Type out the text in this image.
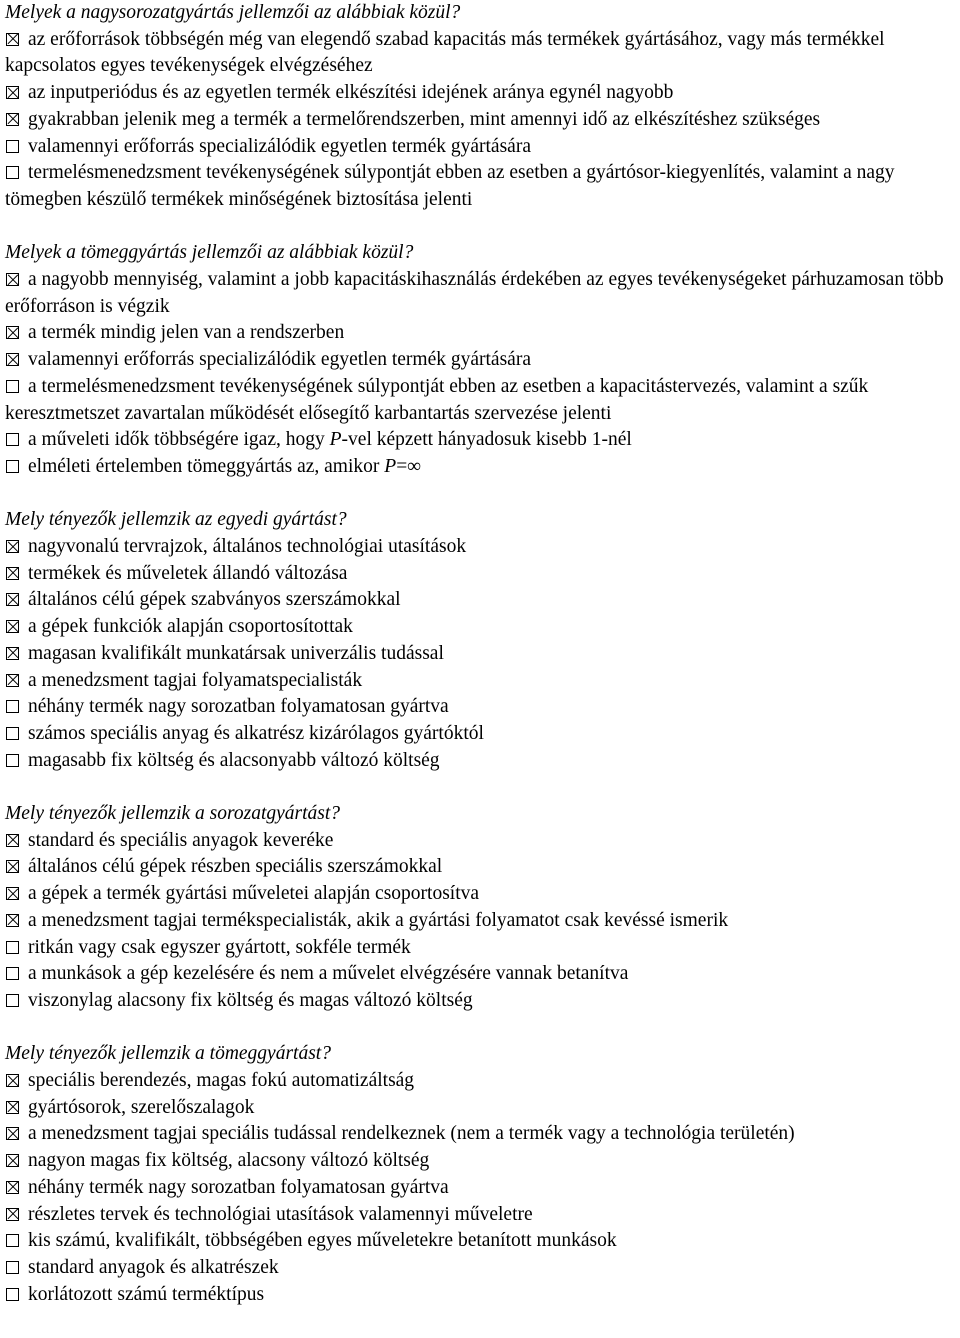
Melyek a nagysorozatgyártás jellemzői az alábbiak közül?

az erőforrások többségén még van elegendő szabad kapacitás más termékek gyártásához, vagy más termékkel kapcsolatos egyes tevékenységek elvégzéséhez

az inputperiódus és az egyetlen termék elkészítési idejének aránya egynél nagyobb

gyakrabban jelenik meg a termék a termelőrendszerben, mint amennyi idő az elkészítéshez szükséges

valamennyi erőforrás specializálódik egyetlen termék gyártására

termelésmenedzsment tevékenységének súlypontját ebben az esetben a gyártósor-kiegyenlítés, valamint a nagy tömegben készülő termékek minőségének biztosítása jelenti

Melyek a tömeggyártás jellemzői az alábbiak közül?

a nagyobb mennyiség, valamint a jobb kapacitáskihasználás érdekében az egyes tevékenységeket párhuzamosan több erőforráson is végzik

a termék mindig jelen van a rendszerben

valamennyi erőforrás specializálódik egyetlen termék gyártására

a termelésmenedzsment tevékenységének súlypontját ebben az esetben a kapacitástervezés, valamint a szűk keresztmetszet zavartalan működését elősegítő karbantartás szervezése jelenti

a műveleti idők többségére igaz, hogy P-vel képzett hányadosuk kisebb 1-nél

elméleti értelemben tömeggyártás az, amikor P=∞

Mely tényezők jellemzik az egyedi gyártást?

nagyvonalú tervrajzok, általános technológiai utasítások

termékek és műveletek állandó változása

általános célú gépek szabványos szerszámokkal

a gépek funkciók alapján csoportosítottak

magasan kvalifikált munkatársak univerzális tudással

a menedzsment tagjai folyamatspecialisták

néhány termék nagy sorozatban folyamatosan gyártva

számos speciális anyag és alkatrész kizárólagos gyártóktól

magasabb fix költség és alacsonyabb változó költség

Mely tényezők jellemzik a sorozatgyártást?

standard és speciális anyagok keveréke

általános célú gépek részben speciális szerszámokkal

a gépek a termék gyártási műveletei alapján csoportosítva

a menedzsment tagjai termékspecialisták, akik a gyártási folyamatot csak kevéssé ismerik

ritkán vagy csak egyszer gyártott, sokféle termék

a munkások a gép kezelésére és nem a művelet elvégzésére vannak betanítva

viszonylag alacsony fix költség és magas változó költség

Mely tényezők jellemzik a tömeggyártást?

speciális berendezés, magas fokú automatizáltság

gyártósorok, szerelőszalagok

a menedzsment tagjai speciális tudással rendelkeznek (nem a termék vagy a technológia területén)

nagyon magas fix költség, alacsony változó költség

néhány termék nagy sorozatban folyamatosan gyártva

részletes tervek és technológiai utasítások valamennyi műveletre

kis számú, kvalifikált, többségében egyes műveletekre betanított munkások

standard anyagok és alkatrészek

korlátozott számú terméktípus
